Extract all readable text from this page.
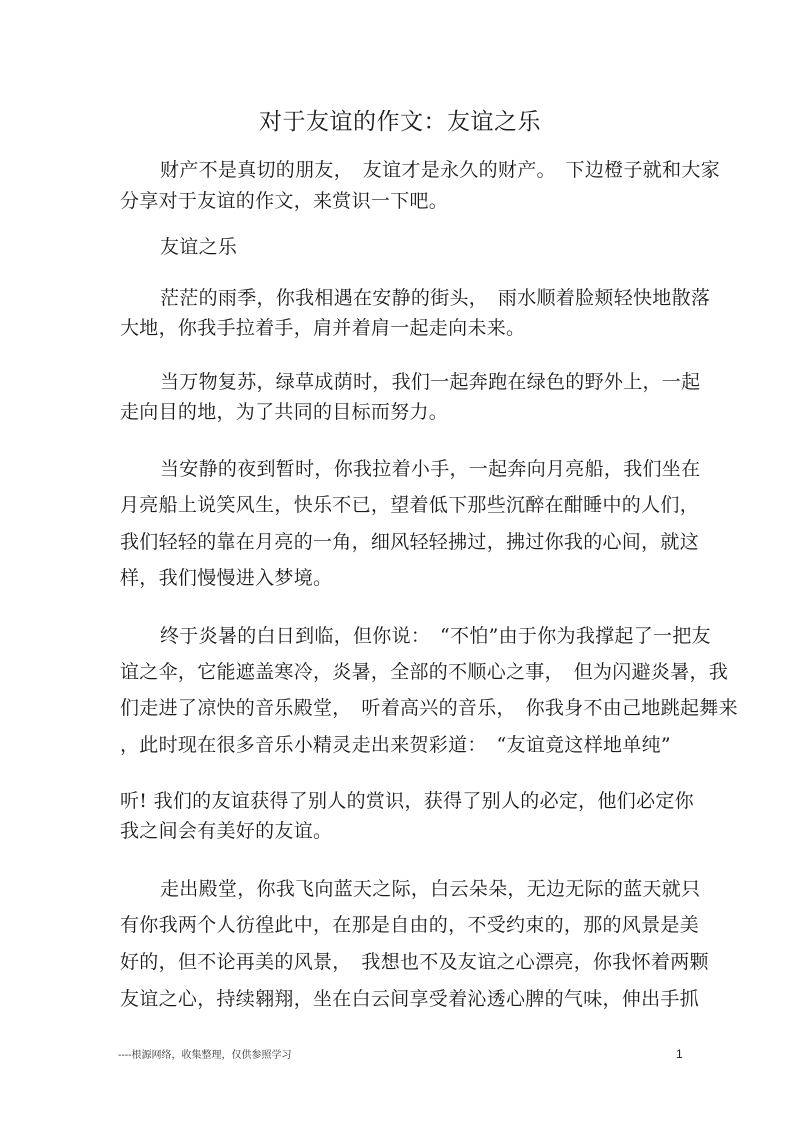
对于友谊的作文：友谊之乐
财产不是真切的朋友，　友谊才是永久的财产。　下边橙子就和大家
分享对于友谊的作文，来赏识一下吧。
友谊之乐
茫茫的雨季，你我相遇在安静的街头，　雨水顺着脸颊轻快地散落
大地，你我手拉着手，肩并着肩一起走向未来。
当万物复苏，绿草成荫时，我们一起奔跑在绿色的野外上，一起
走向目的地，为了共同的目标而努力。
当安静的夜到暂时，你我拉着小手，一起奔向月亮船，我们坐在
月亮船上说笑风生，快乐不已，望着低下那些沉醉在酣睡中的人们，
我们轻轻的靠在月亮的一角，细风轻轻拂过，拂过你我的心间，就这
样，我们慢慢进入梦境。
终于炎暑的白日到临，但你说：　“不怕”由于你为我撑起了一把友
谊之伞，它能遮盖寒冷，炎暑，全部的不顺心之事，　但为闪避炎暑，我
们走进了凉快的音乐殿堂，　听着高兴的音乐，　你我身不由己地跳起舞来
，此时现在很多音乐小精灵走出来贺彩道：　“友谊竟这样地单纯”
听! 我们的友谊获得了别人的赏识，获得了别人的必定，他们必定你
我之间会有美好的友谊。
走出殿堂，你我飞向蓝天之际，白云朵朵，无边无际的蓝天就只
有你我两个人彷徨此中，在那是自由的，不受约束的，那的风景是美
好的，但不论再美的风景，　我想也不及友谊之心漂亮，你我怀着两颗
友谊之心，持续翱翔，坐在白云间享受着沁透心脾的气味，伸出手抓
----根源网络，收集整理，仅供参照学习	1
